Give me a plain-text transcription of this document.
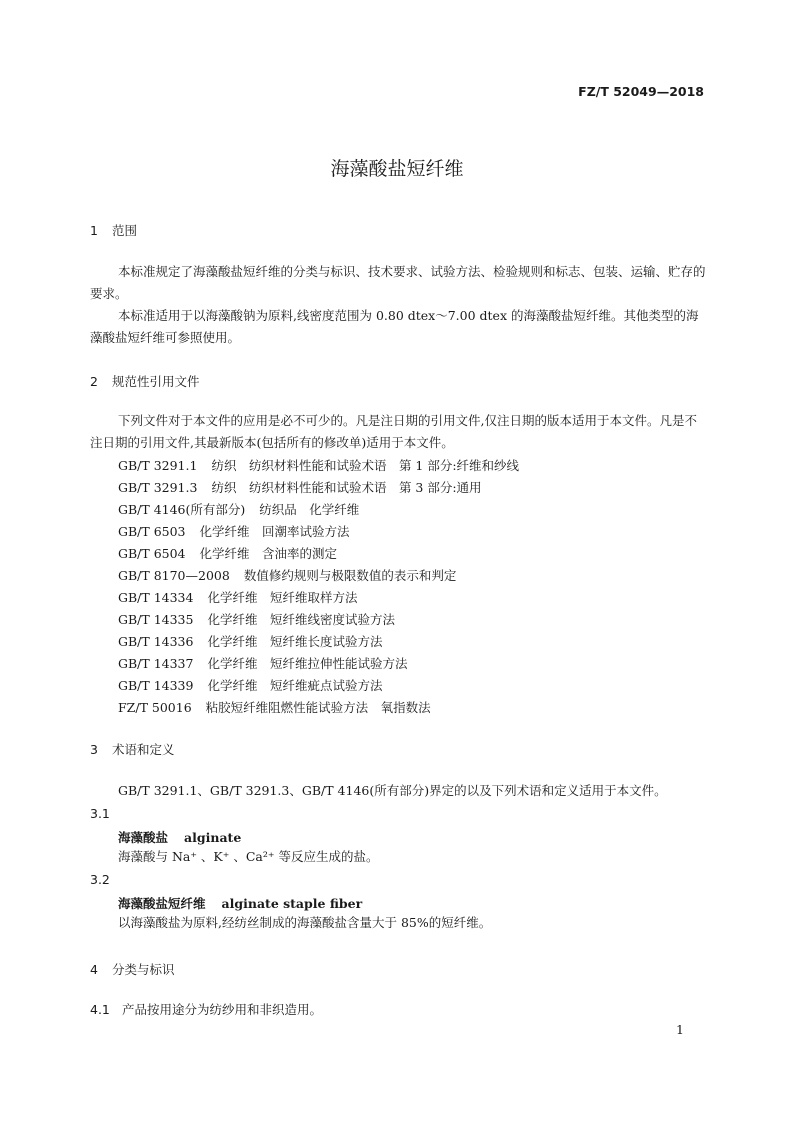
FZ/T 52049—2018
海藻酸盐短纤维
1 范围

本标准规定了海藻酸盐短纤维的分类与标识、技术要求、试验方法、检验规则和标志、包装、运输、贮存的要求。

本标准适用于以海藻酸钠为原料,线密度范围为 0.80 dtex～7.00 dtex 的海藻酸盐短纤维。其他类型的海藻酸盐短纤维可参照使用。

2 规范性引用文件

下列文件对于本文件的应用是必不可少的。凡是注日期的引用文件,仅注日期的版本适用于本文件。凡是不注日期的引用文件,其最新版本(包括所有的修改单)适用于本文件。

GB/T 3291.1 纺织　纺织材料性能和试验术语　第 1 部分:纤维和纱线
GB/T 3291.3 纺织　纺织材料性能和试验术语　第 3 部分:通用
GB/T 4146(所有部分) 纺织品　化学纤维
GB/T 6503 化学纤维　回潮率试验方法
GB/T 6504 化学纤维　含油率的测定
GB/T 8170—2008 数值修约规则与极限数值的表示和判定
GB/T 14334 化学纤维　短纤维取样方法
GB/T 14335 化学纤维　短纤维线密度试验方法
GB/T 14336 化学纤维　短纤维长度试验方法
GB/T 14337 化学纤维　短纤维拉伸性能试验方法
GB/T 14339 化学纤维　短纤维疵点试验方法
FZ/T 50016 粘胶短纤维阻燃性能试验方法　氧指数法
3 术语和定义

GB/T 3291.1、GB/T 3291.3、GB/T 4146(所有部分)界定的以及下列术语和定义适用于本文件。

3.1
海藻酸盐 alginate
海藻酸与 Na⁺ 、K⁺ 、Ca²⁺ 等反应生成的盐。
3.2
海藻酸盐短纤维 alginate staple fiber
以海藻酸盐为原料,经纺丝制成的海藻酸盐含量大于 85%的短纤维。
4 分类与标识
4.1 产品按用途分为纺纱用和非织造用。
1
